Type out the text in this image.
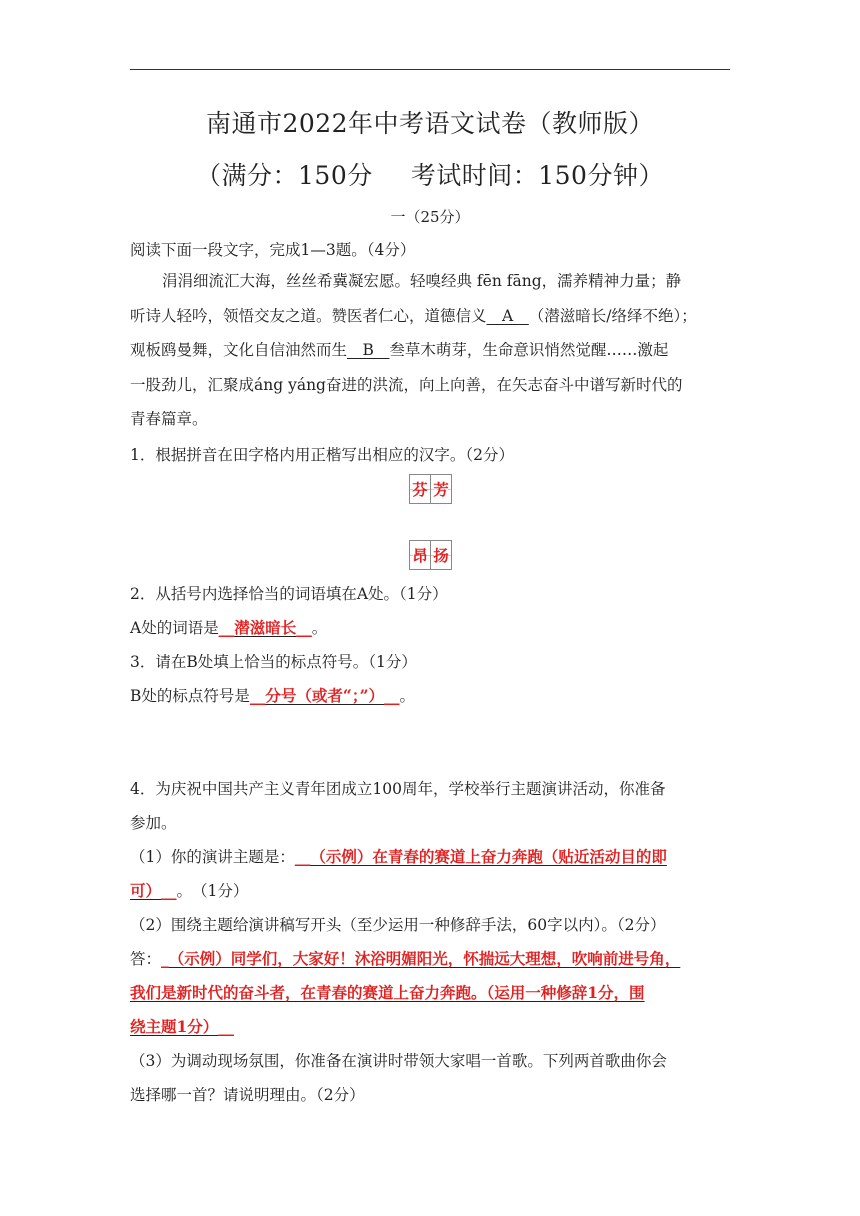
南通市2022年中考语文试卷（教师版）
（满分：150分 考试时间：150分钟）
一（25分）
阅读下面一段文字，完成1—3题。（4分）
涓涓细流汇大海，丝丝希冀凝宏愿。轻嗅经典 fēn fāng，濡养精神力量；静
听诗人轻吟，领悟交友之道。赞医者仁心，道德信义__A__（潜滋暗长/络绎不绝）；
观板鸥曼舞，文化自信油然而生__B__叁草木萌芽，生命意识悄然觉醒……激起
一股劲儿，汇聚成áng yáng奋进的洪流，向上向善，在矢志奋斗中谱写新时代的
青春篇章。
1．根据拼音在田字格内用正楷写出相应的汉字。（2分）
芬 芳
昂 扬
2．从括号内选择恰当的词语填在A处。（1分）
A处的词语是__潜滋暗长__。
3．请在B处填上恰当的标点符号。（1分）
B处的标点符号是__分号（或者“；”）__。
4．为庆祝中国共产主义青年团成立100周年，学校举行主题演讲活动，你准备
参加。
（1）你的演讲主题是：__（示例）在青春的赛道上奋力奔跑（贴近活动目的即
可）__。　（1分）
（2）围绕主题给演讲稿写开头（至少运用一种修辞手法，60字以内）。（2分）
答：_（示例）同学们，大家好！沐浴明媚阳光，怀揣远大理想，吹响前进号角，
我们是新时代的奋斗者，在青春的赛道上奋力奔跑。（运用一种修辞1分，围
绕主题1分）__
（3）为调动现场氛围，你准备在演讲时带领大家唱一首歌。下列两首歌曲你会
选择哪一首？请说明理由。（2分）
